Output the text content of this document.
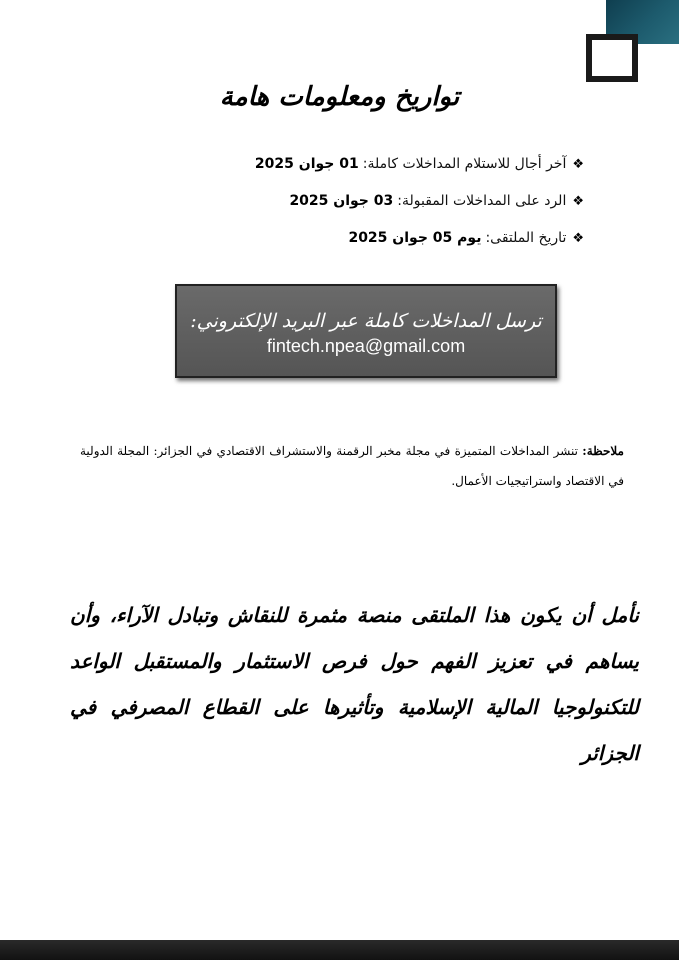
تواريخ ومعلومات هامة
❖آخر أجال للاستلام المداخلات كاملة:01 جوان 2025
❖الرد على المداخلات المقبولة:03 جوان 2025
❖تاريخ الملتقى:يوم 05 جوان 2025
ترسل المداخلات كاملة عبر البريد الإلكتروني:
fintech.npea@gmail.com
ملاحظة: تنشر المداخلات المتميزة في مجلة مخبر الرقمنة والاستشراف الاقتصادي في الجزائر: المجلة الدولية في الاقتصاد واستراتيجيات الأعمال.
نأمل أن يكون هذا الملتقى منصة مثمرة للنقاش وتبادل الآراء، وأن يساهم في تعزيز الفهم حول فرص الاستثمار والمستقبل الواعد للتكنولوجيا المالية الإسلامية وتأثيرها على القطاع المصرفي في الجزائر
